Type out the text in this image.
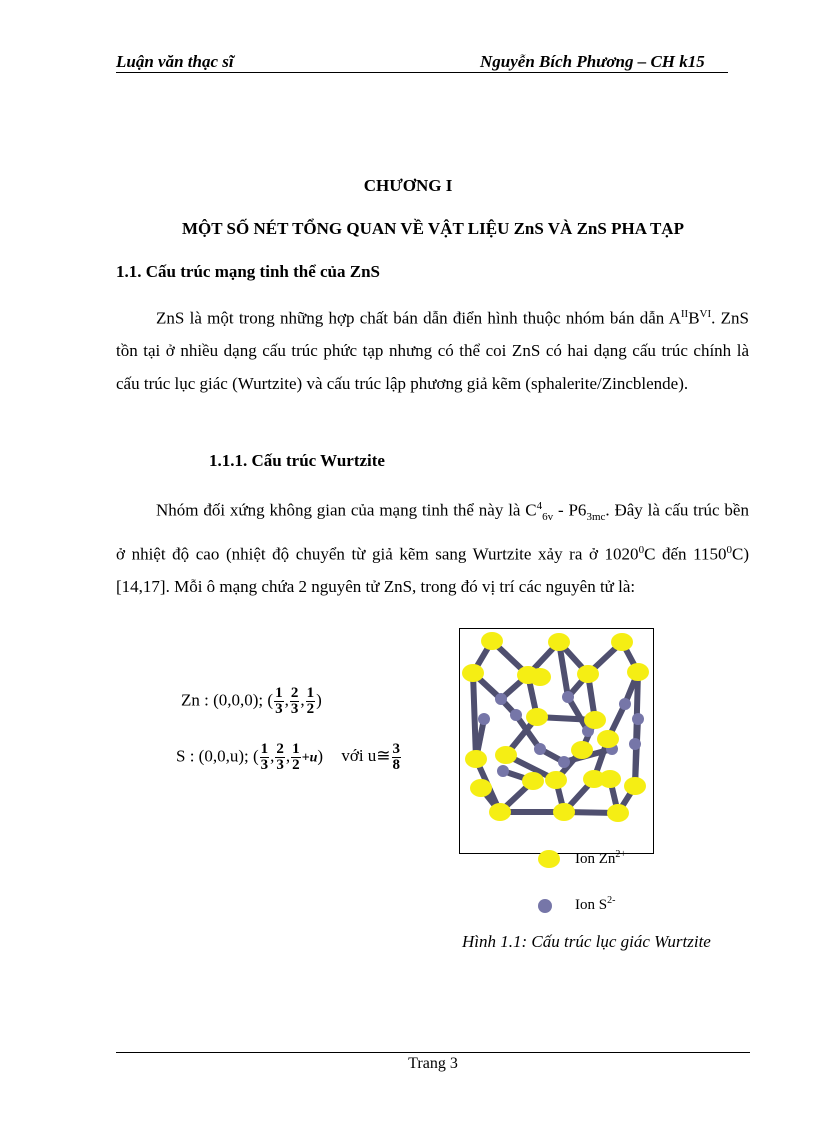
Luận văn thạc sĩ	Nguyễn Bích Phương – CH k15
CHƯƠNG I
MỘT SỐ NÉT TỔNG QUAN VỀ VẬT LIỆU ZnS VÀ ZnS PHA TẠP
1.1. Cấu trúc mạng tinh thể của ZnS
ZnS là một trong những hợp chất bán dẫn điển hình thuộc nhóm bán dẫn $A^{II}B^{VI}$. ZnS tồn tại ở nhiều dạng cấu trúc phức tạp nhưng có thể coi ZnS có hai dạng cấu trúc chính là cấu trúc lục giác (Wurtzite) và cấu trúc lập phương giả kẽm (sphalerite/Zincblende).
1.1.1. Cấu trúc Wurtzite
Nhóm đối xứng không gian của mạng tinh thể này là $C^4_{6v} - P6_{3mc}$. Đây là cấu trúc bền ở nhiệt độ cao (nhiệt độ chuyển từ giả kẽm sang Wurtzite xảy ra ở 1020$^0$C đến 1150$^0$C) [14,17]. Mỗi ô mạng chứa 2 nguyên tử ZnS, trong đó vị trí các nguyên tử là:
Zn : (0,0,0); ( $\frac{1}{3}$ , $\frac{2}{3}$ , $\frac{1}{2}$ )
S : (0,0,u); ( $\frac{1}{3}$ , $\frac{2}{3}$ , $\frac{1}{2} +u$) với u≅ $\frac{3}{8}$
Ion $Zn^{2+}$
Ion $S^{2-}$
Hình 1.1: Cấu trúc lục giác Wurtzite
Trang 3
